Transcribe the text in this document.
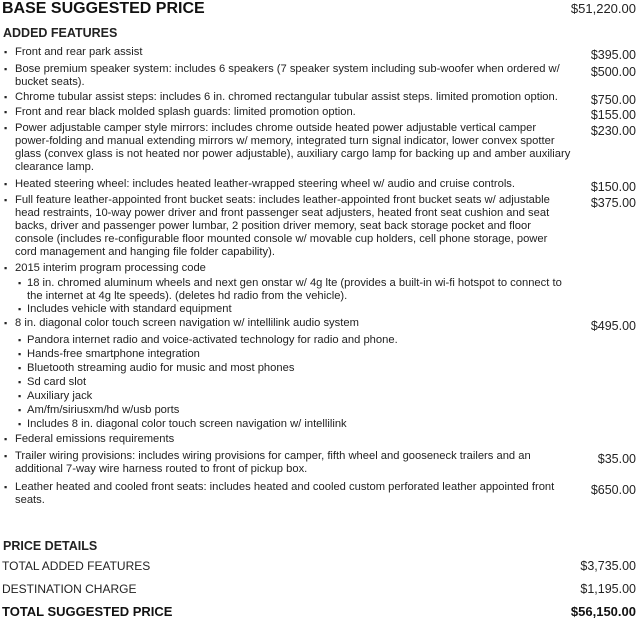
BASE SUGGESTED PRICE	$51,220.00
ADDED FEATURES
▪ Front and rear park assist	$395.00
▪ Bose premium speaker system: includes 6 speakers (7 speaker system including sub-woofer when ordered w/ bucket seats).
$500.00
▪ Chrome tubular assist steps: includes 6 in. chromed rectangular tubular assist steps. limited promotion option.	$750.00
▪ Front and rear black molded splash guards: limited promotion option.	$155.00
▪ Power adjustable camper style mirrors: includes chrome outside heated power adjustable vertical camper power-folding and manual extending mirrors w/ memory, integrated turn signal indicator, lower convex spotter glass (convex glass is not heated nor power adjustable), auxiliary cargo lamp for backing up and amber auxiliary clearance lamp.
$230.00
▪ Heated steering wheel: includes heated leather-wrapped steering wheel w/ audio and cruise controls.	$150.00
▪ Full feature leather-appointed front bucket seats: includes leather-appointed front bucket seats w/ adjustable head restraints, 10-way power driver and front passenger seat adjusters, heated front seat cushion and seat backs, driver and passenger power lumbar, 2 position driver memory, seat back storage pocket and floor console (includes re-configurable floor mounted console w/ movable cup holders, cell phone storage, power cord management and hanging file folder capability).
$375.00
▪ 2015 interim program processing code
▪ 18 in. chromed aluminum wheels and next gen onstar w/ 4g lte (provides a built-in wi-fi hotspot to connect to the internet at 4g lte speeds). (deletes hd radio from the vehicle).
▪ Includes vehicle with standard equipment
▪ 8 in. diagonal color touch screen navigation w/ intellilink audio system	$495.00
▪ Pandora internet radio and voice-activated technology for radio and phone.
▪ Hands-free smartphone integration
▪ Bluetooth streaming audio for music and most phones
▪ Sd card slot
▪ Auxiliary jack
▪ Am/fm/siriusxm/hd w/usb ports
▪ Includes 8 in. diagonal color touch screen navigation w/ intellilink
▪ Federal emissions requirements
▪ Trailer wiring provisions: includes wiring provisions for camper, fifth wheel and gooseneck trailers and an additional 7-way wire harness routed to front of pickup box.
$35.00
▪ Leather heated and cooled front seats: includes heated and cooled custom perforated leather appointed front seats.
$650.00
PRICE DETAILS
TOTAL ADDED FEATURES	$3,735.00
DESTINATION CHARGE	$1,195.00
TOTAL SUGGESTED PRICE	$56,150.00
